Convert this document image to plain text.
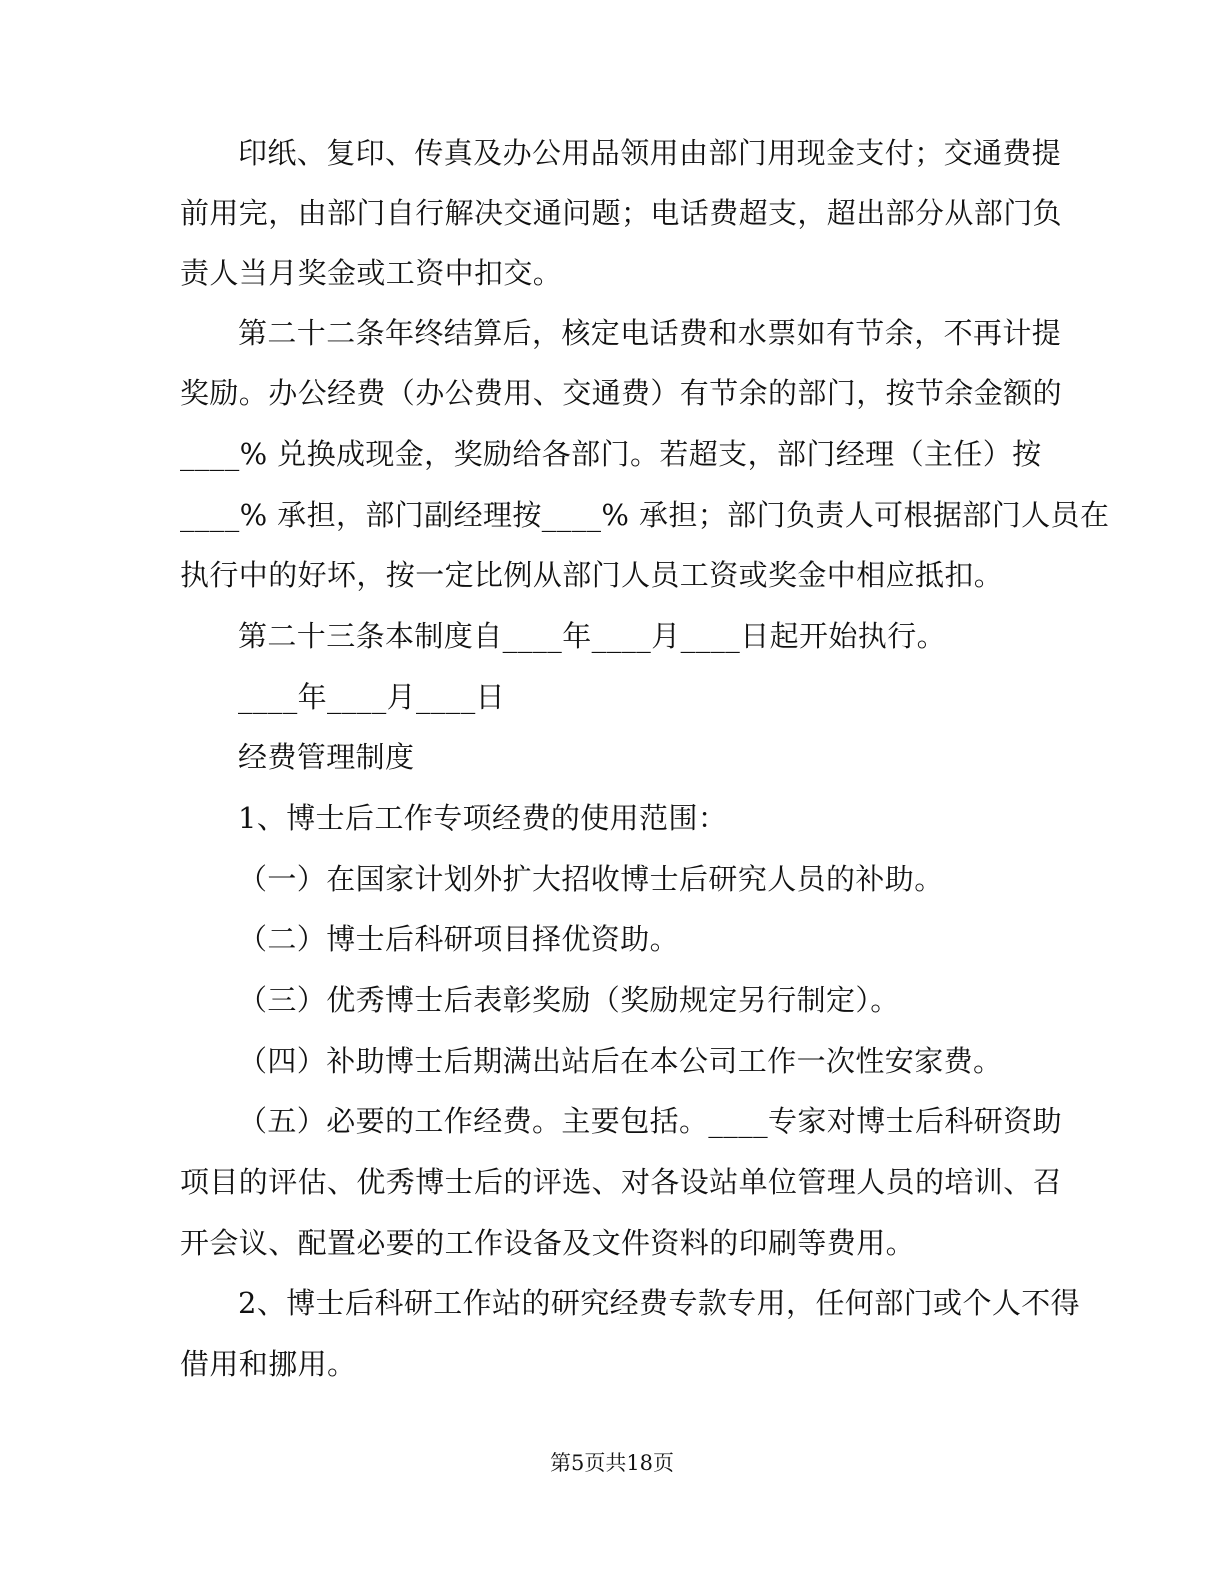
印纸、复印、传真及办公用品领用由部门用现金支付；交通费提
前用完，由部门自行解决交通问题；电话费超支，超出部分从部门负
责人当月奖金或工资中扣交。
第二十二条年终结算后，核定电话费和水票如有节余，不再计提
奖励。办公经费（办公费用、交通费）有节余的部门，按节余金额的
____% 兑换成现金，奖励给各部门。若超支，部门经理（主任）按
____% 承担，部门副经理按____% 承担；部门负责人可根据部门人员在
执行中的好坏，按一定比例从部门人员工资或奖金中相应抵扣。
第二十三条本制度自____年____月____日起开始执行。
____年____月____日
经费管理制度
1、博士后工作专项经费的使用范围：
（一）在国家计划外扩大招收博士后研究人员的补助。
（二）博士后科研项目择优资助。
（三）优秀博士后表彰奖励（奖励规定另行制定）。
（四）补助博士后期满出站后在本公司工作一次性安家费。
（五）必要的工作经费。主要包括。____专家对博士后科研资助
项目的评估、优秀博士后的评选、对各设站单位管理人员的培训、召
开会议、配置必要的工作设备及文件资料的印刷等费用。
2、博士后科研工作站的研究经费专款专用，任何部门或个人不得
借用和挪用。
第5页共18页
